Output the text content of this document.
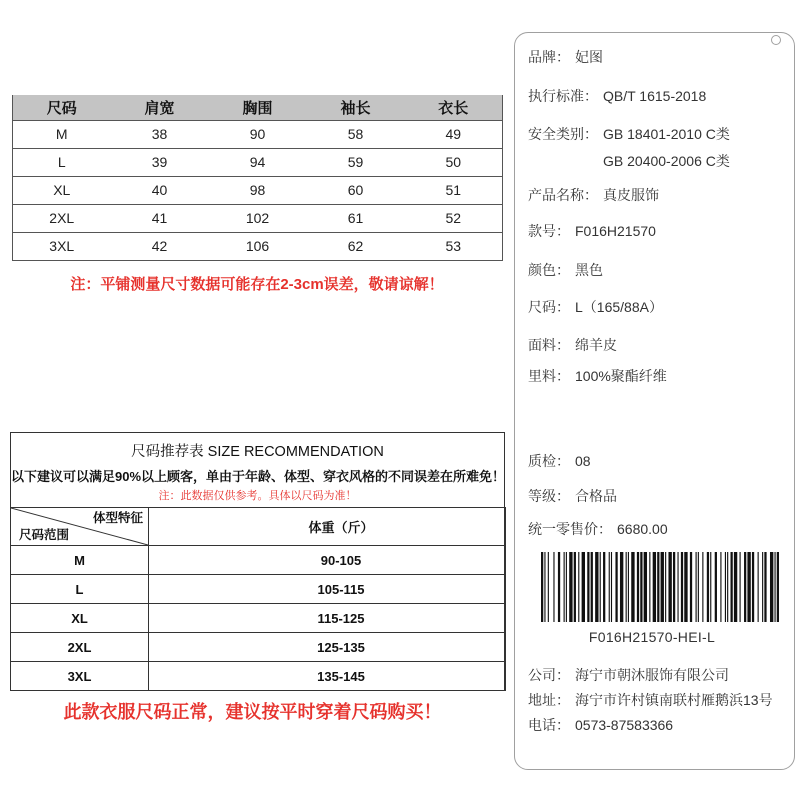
尺码	肩宽	胸围	袖长	衣长
M	38	90	58	49
L	39	94	59	50
XL	40	98	60	51
2XL	41	102	61	52
3XL	42	106	62	53
注：平铺测量尺寸数据可能存在2-3cm误差，敬请谅解！
尺码推荐表 SIZE RECOMMENDATION
以下建议可以满足90%以上顾客，单由于年龄、体型、穿衣风格的不同误差在所难免！
注：此数据仅供参考。具体以尺码为准！
体型特征
尺码范围	体重（斤）
M	90-105
L	105-115
XL	115-125
2XL	125-135
3XL	135-145
此款衣服尺码正常，建议按平时穿着尺码购买！
品牌： 妃图
执行标准： QB/T 1615-2018
安全类别： GB 18401-2010 C类
GB 20400-2006 C类
产品名称： 真皮服饰
款号： F016H21570
颜色： 黑色
尺码： L（165/88A）
面料： 绵羊皮
里料： 100%聚酯纤维
质检： 08
等级： 合格品
统一零售价： 6680.00
F016H21570-HEI-L
公司： 海宁市朝沐服饰有限公司
地址： 海宁市许村镇南联村雁鹅浜13号
电话： 0573-87583366
